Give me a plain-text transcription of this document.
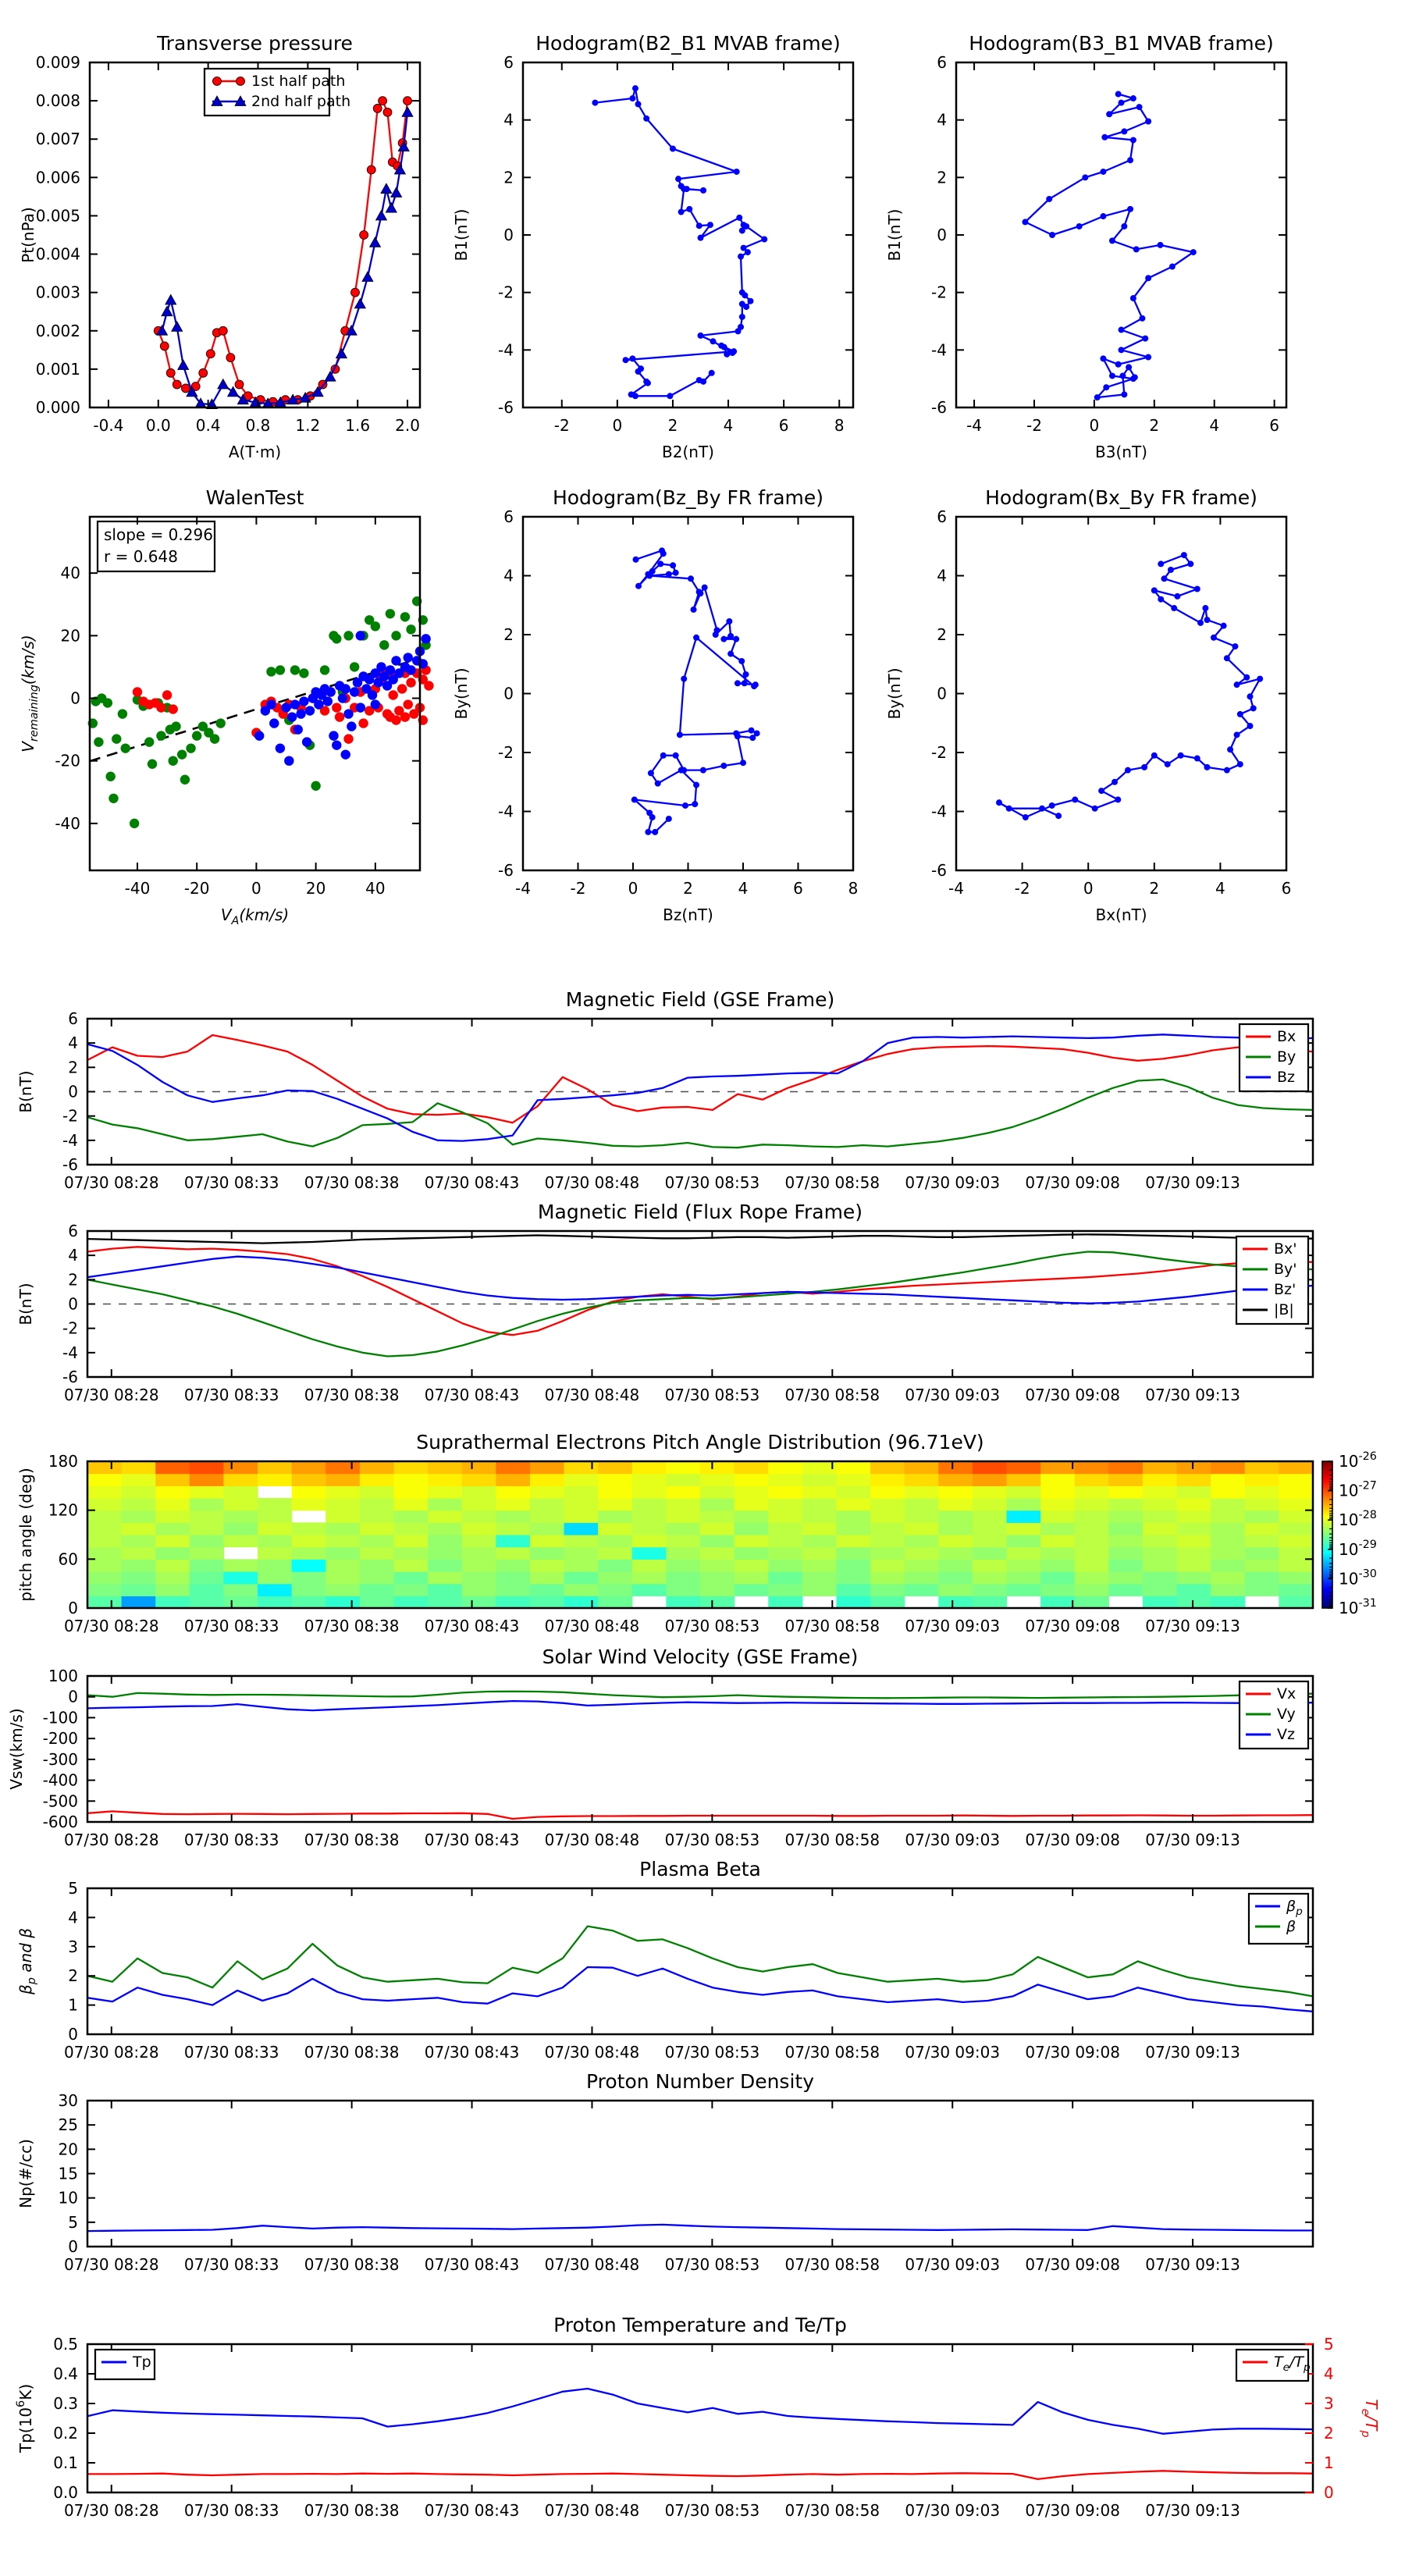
-0.4 0.0 0.4 0.8 1.2 1.6 2.0
0.000
0.001
0.002
0.003
0.004
0.005
0.006
0.007
0.008
0.009
A(T·m)
Pt(nPa)
1st half path
2nd half path
-2	0	2	4	6	8
-6
-4
-2
0
2
4
6
B2(nT)
B1(nT)
-4	-2	0	2	4	6
-6
-4
-2
0
2
4
6
B3(nT)
B1(nT)
slope = 0.296
r = 0.648
-40 -20	0	20	40
-40
-20
0
20
40
$V_A(km/s)$
$V_{remaining}(km/s)$
-4	-2	0	2	4	6	8
-6
-4
-2
0
2
4
6
Bz(nT)
By(nT)
-4	-2	0	2	4	6
-6
-4
-2
0
2
4
6
Bx(nT)
By(nT)
-6
-4
-2
0
2
4
6
B(nT)
07/30 08:28 07/30 08:33 07/30 08:38 07/30 08:43 07/30 08:48 07/30 08:53 07/30 08:58 07/30 09:03 07/30 09:08 07/30 09:13
Bx
By
Bz
-6
-4
-2
0
2
4
6
B(nT)
07/30 08:28 07/30 08:33 07/30 08:38 07/30 08:43 07/30 08:48 07/30 08:53 07/30 08:58 07/30 09:03 07/30 09:08 07/30 09:13
Bx'
By'
Bz'
|B|
0
60
120
180
pitch angle (deg)
07/30 08:28 07/30 08:33 07/30 08:38 07/30 08:43 07/30 08:48 07/30 08:53 07/30 08:58 07/30 09:03 07/30 09:08 07/30 09:13
$10^{-26}$
$10^{-27}$
$10^{-28}$
$10^{-29}$
$10^{-30}$
$10^{-31}$
-600
-500
-400
-300
-200
-100
0
100
Vsw(km/s)
07/30 08:28 07/30 08:33 07/30 08:38 07/30 08:43 07/30 08:48 07/30 08:53 07/30 08:58 07/30 09:03 07/30 09:08 07/30 09:13
Vx
Vy
Vz
0
1
2
3
4
5
$\beta_p$ and β
07/30 08:28 07/30 08:33 07/30 08:38 07/30 08:43 07/30 08:48 07/30 08:53 07/30 08:58 07/30 09:03 07/30 09:08 07/30 09:13
$\beta_p$
β
0
5
10
15
20
25
30
Np(#/cc)
07/30 08:28 07/30 08:33 07/30 08:38 07/30 08:43 07/30 08:48 07/30 08:53 07/30 08:58 07/30 09:03 07/30 09:08 07/30 09:13
0.0
0.1
0.2
0.3
0.4
0.5
0
1
2
3
4
5
$T_e/T_p$
$Tp(10^6K)$
07/30 08:28 07/30 08:33 07/30 08:38 07/30 08:43 07/30 08:48 07/30 08:53 07/30 08:58 07/30 09:03 07/30 09:08 07/30 09:13
Tp	$T_e/T_p$
Transverse pressure	Hodogram(B2_B1 MVAB frame)	Hodogram(B3_B1 MVAB frame)
WalenTest	Hodogram(Bz_By FR frame)	Hodogram(Bx_By FR frame)
Magnetic Field (GSE Frame)
Magnetic Field (Flux Rope Frame)
Suprathermal Electrons Pitch Angle Distribution (96.71eV)
Solar Wind Velocity (GSE Frame)
Plasma Beta
Proton Number Density
Proton Temperature and Te/Tp
